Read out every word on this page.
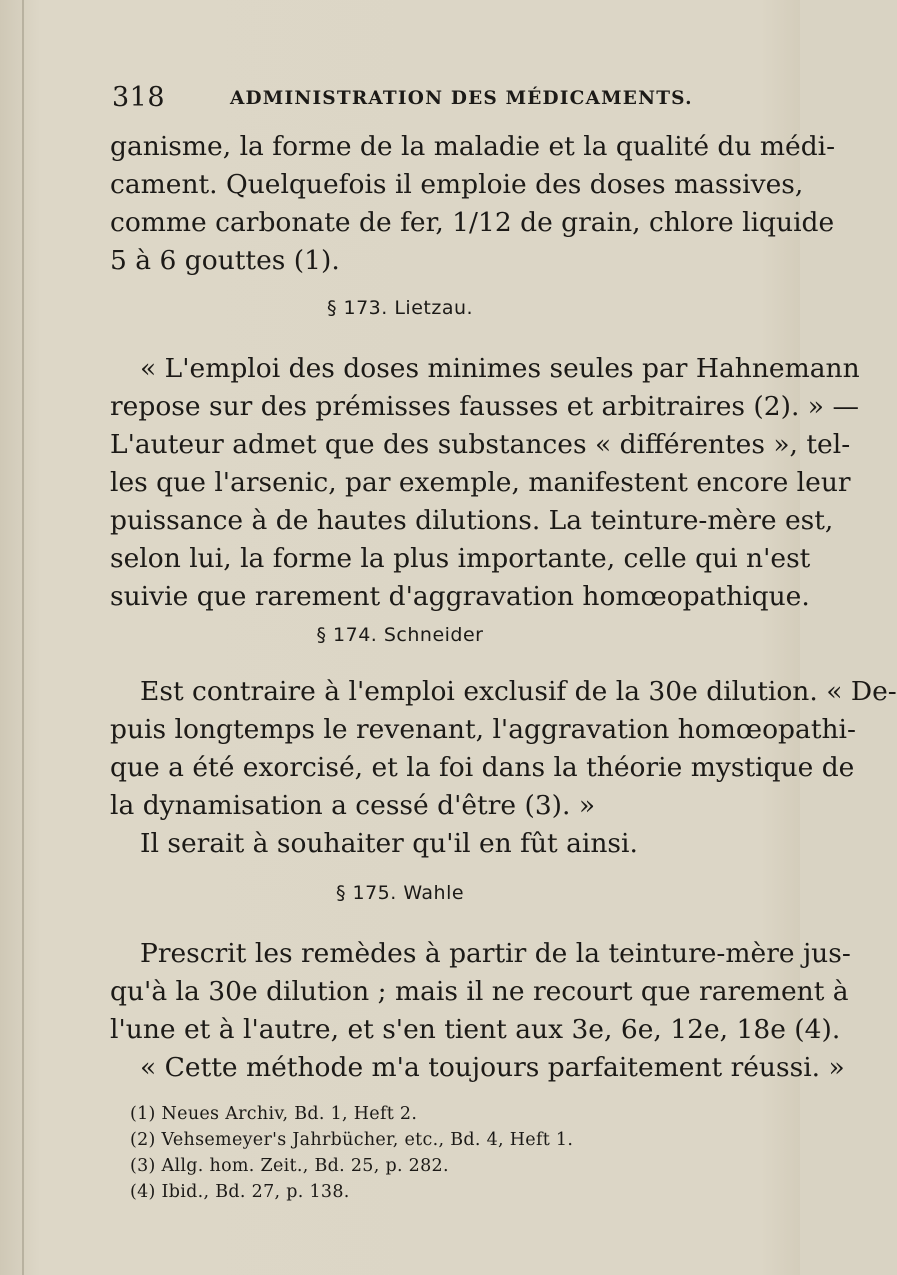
318	ADMINISTRATION DES MÉDICAMENTS.
ganisme, la forme de la maladie et la qualité du médi-
cament. Quelquefois il emploie des doses massives,
comme carbonate de fer, 1/12 de grain, chlore liquide
5 à 6 gouttes (1).
§ 173. Lietzau.
« L'emploi des doses minimes seules par Hahnemann
repose sur des prémisses fausses et arbitraires (2). » —
L'auteur admet que des substances « différentes », tel-
les que l'arsenic, par exemple, manifestent encore leur
puissance à de hautes dilutions. La teinture-mère est,
selon lui, la forme la plus importante, celle qui n'est
suivie que rarement d'aggravation homœopathique.
§ 174. Schneider
Est contraire à l'emploi exclusif de la 30e dilution. « De-
puis longtemps le revenant, l'aggravation homœopathi-
que a été exorcisé, et la foi dans la théorie mystique de
la dynamisation a cessé d'être (3). »
Il serait à souhaiter qu'il en fût ainsi.
§ 175. Wahle
Prescrit les remèdes à partir de la teinture-mère jus-
qu'à la 30e dilution ; mais il ne recourt que rarement à
l'une et à l'autre, et s'en tient aux 3e, 6e, 12e, 18e (4).
« Cette méthode m'a toujours parfaitement réussi. »
(1) Neues Archiv, Bd. 1, Heft 2.
(2) Vehsemeyer's Jahrbücher, etc., Bd. 4, Heft 1.
(3) Allg. hom. Zeit., Bd. 25, p. 282.
(4) Ibid., Bd. 27, p. 138.
